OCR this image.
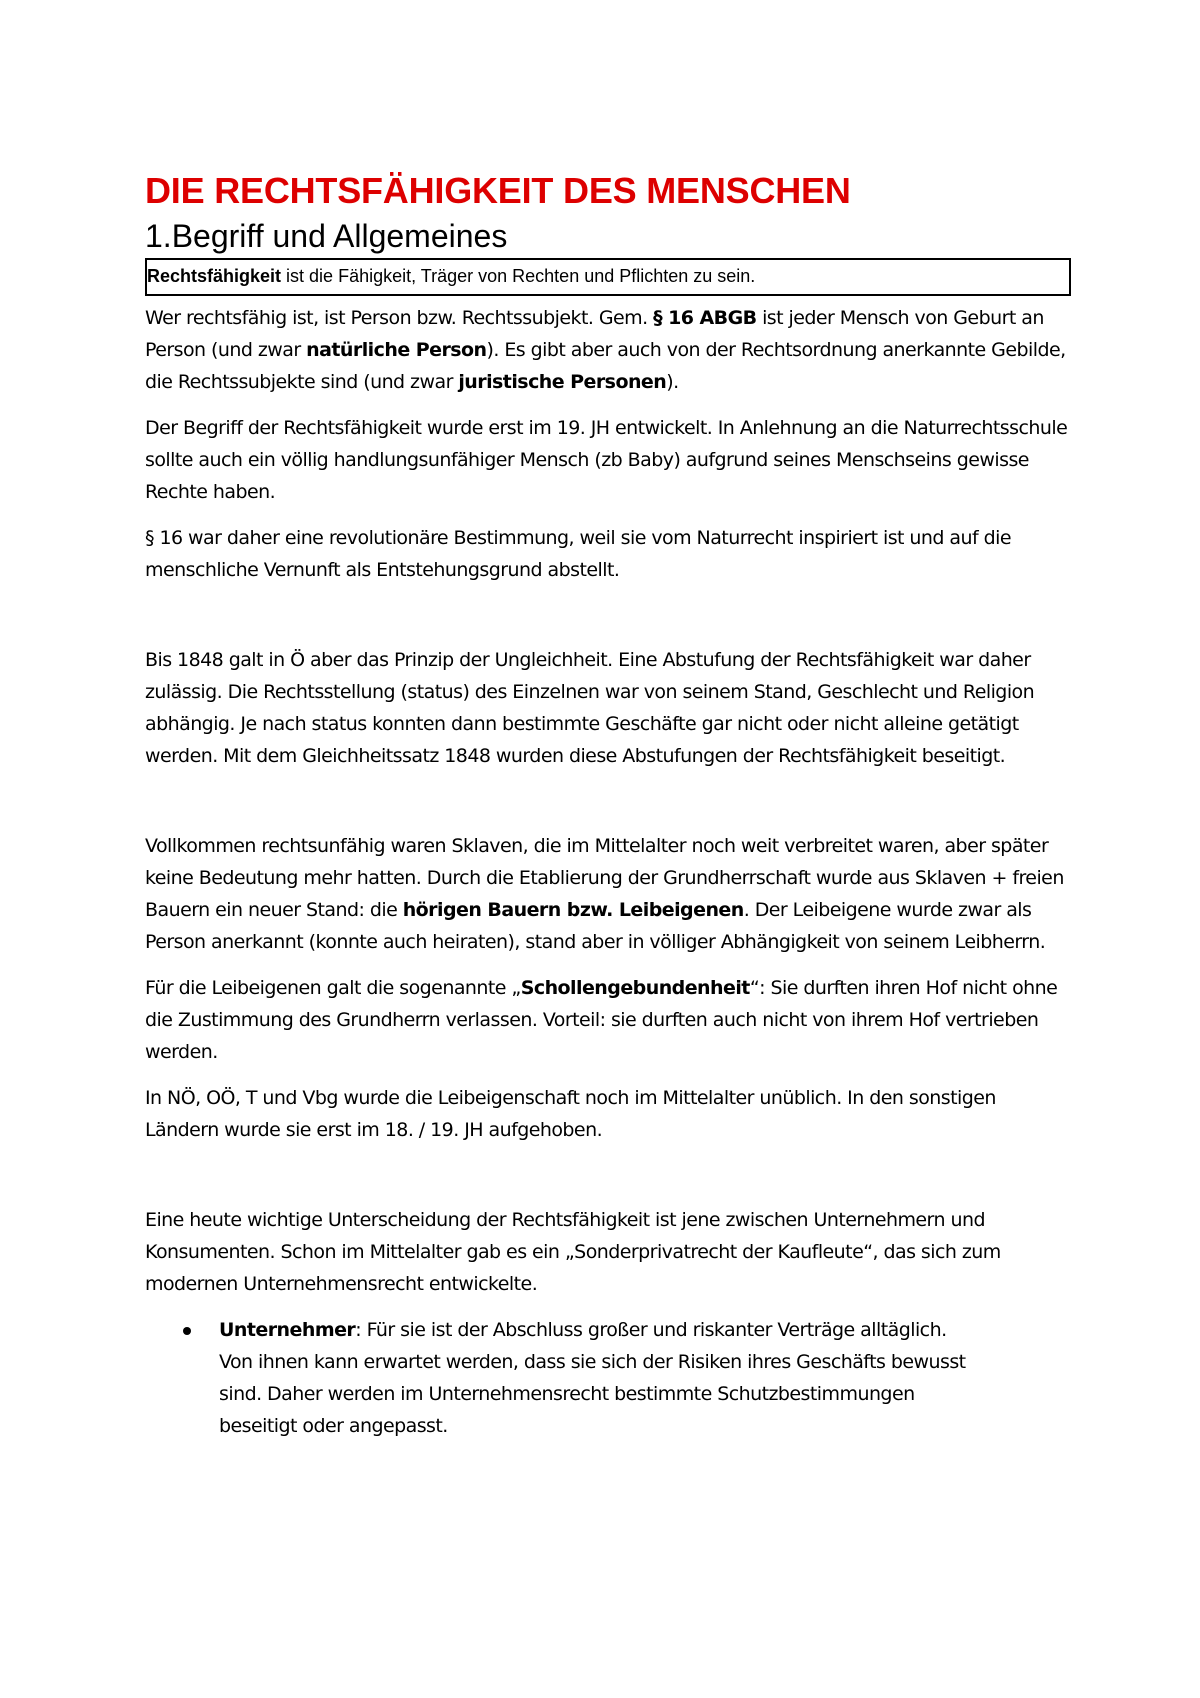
DIE RECHTSFÄHIGKEIT DES MENSCHEN
1.Begriff und Allgemeines
Rechtsfähigkeit ist die Fähigkeit, Träger von Rechten und Pflichten zu sein.

Wer rechtsfähig ist, ist Person bzw. Rechtssubjekt. Gem. § 16 ABGB ist jeder Mensch von Geburt an Person (und zwar natürliche Person). Es gibt aber auch von der Rechtsordnung anerkannte Gebilde, die Rechtssubjekte sind (und zwar juristische Personen).

Der Begriff der Rechtsfähigkeit wurde erst im 19. JH entwickelt. In Anlehnung an die Naturrechtsschule sollte auch ein völlig handlungsunfähiger Mensch (zb Baby) aufgrund seines Menschseins gewisse Rechte haben.

§ 16 war daher eine revolutionäre Bestimmung, weil sie vom Naturrecht inspiriert ist und auf die menschliche Vernunft als Entstehungsgrund abstellt.

Bis 1848 galt in Ö aber das Prinzip der Ungleichheit. Eine Abstufung der Rechtsfähigkeit war daher zulässig. Die Rechtsstellung (status) des Einzelnen war von seinem Stand, Geschlecht und Religion abhängig. Je nach status konnten dann bestimmte Geschäfte gar nicht oder nicht alleine getätigt werden. Mit dem Gleichheitssatz 1848 wurden diese Abstufungen der Rechtsfähigkeit beseitigt.

Vollkommen rechtsunfähig waren Sklaven, die im Mittelalter noch weit verbreitet waren, aber später keine Bedeutung mehr hatten. Durch die Etablierung der Grundherrschaft wurde aus Sklaven + freien Bauern ein neuer Stand: die hörigen Bauern bzw. Leibeigenen. Der Leibeigene wurde zwar als Person anerkannt (konnte auch heiraten), stand aber in völliger Abhängigkeit von seinem Leibherrn.

Für die Leibeigenen galt die sogenannte „Schollengebundenheit“: Sie durften ihren Hof nicht ohne die Zustimmung des Grundherrn verlassen. Vorteil: sie durften auch nicht von ihrem Hof vertrieben werden.

In NÖ, OÖ, T und Vbg wurde die Leibeigenschaft noch im Mittelalter unüblich. In den sonstigen Ländern wurde sie erst im 18. / 19. JH aufgehoben.

Eine heute wichtige Unterscheidung der Rechtsfähigkeit ist jene zwischen Unternehmern und Konsumenten. Schon im Mittelalter gab es ein „Sonderprivatrecht der Kaufleute“, das sich zum modernen Unternehmensrecht entwickelte.

Unternehmer: Für sie ist der Abschluss großer und riskanter Verträge alltäglich. Von ihnen kann erwartet werden, dass sie sich der Risiken ihres Geschäfts bewusst sind. Daher werden im Unternehmensrecht bestimmte Schutzbestimmungen beseitigt oder angepasst.
